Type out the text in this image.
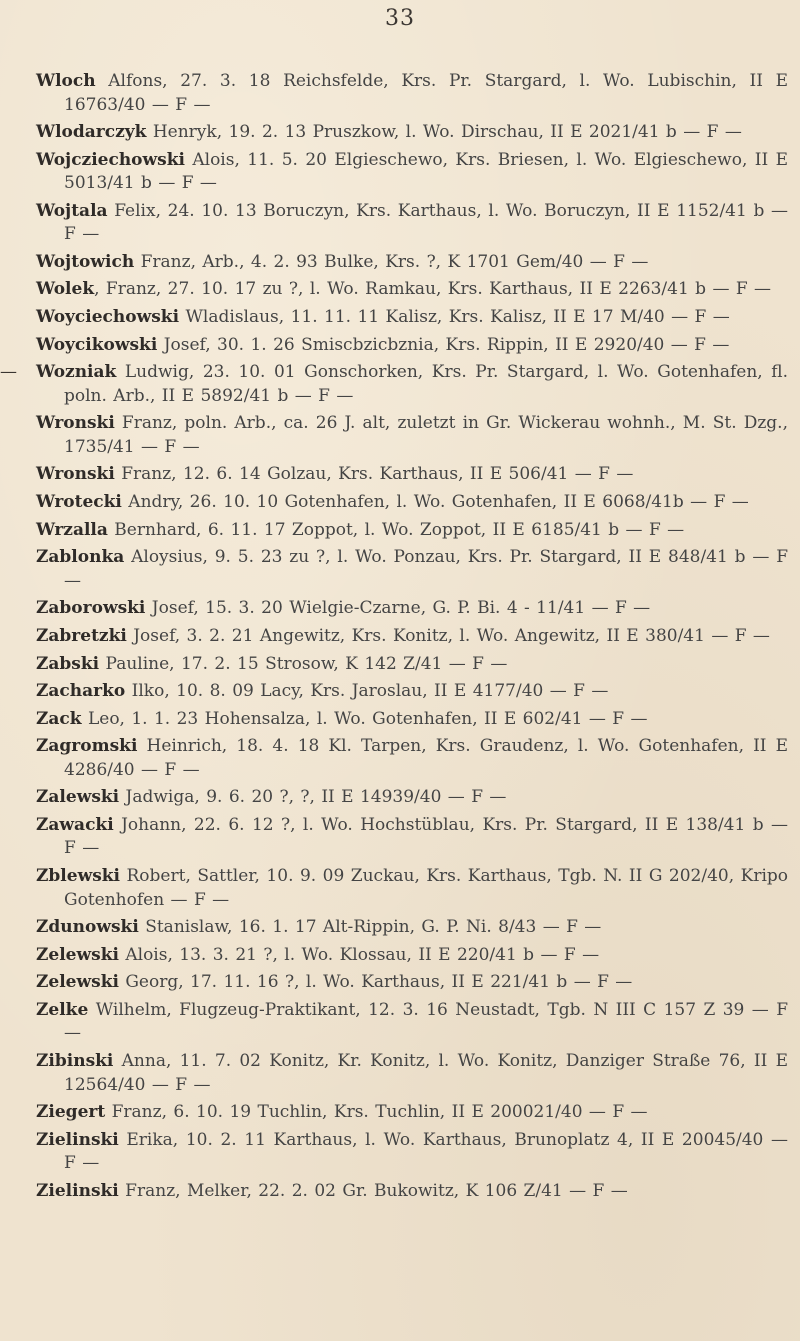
33
Wloch Alfons, 27. 3. 18 Reichsfelde, Krs. Pr. Stargard, l. Wo. Lubischin, II E 16763/40 — F —
Wlodarczyk Henryk, 19. 2. 13 Pruszkow, l. Wo. Dirschau, II E 2021/41 b — F —
Wojcziechowski Alois, 11. 5. 20 Elgieschewo, Krs. Briesen, l. Wo. Elgieschewo, II E 5013/41 b — F —
Wojtala Felix, 24. 10. 13 Boruczyn, Krs. Karthaus, l. Wo. Boruczyn, II E 1152/41 b — F —
Wojtowich Franz, Arb., 4. 2. 93 Bulke, Krs. ?, K 1701 Gem/40 — F —
Wolek, Franz, 27. 10. 17 zu ?, l. Wo. Ramkau, Krs. Karthaus, II E 2263/41 b — F —
Woyciechowski Wladislaus, 11. 11. 11 Kalisz, Krs. Kalisz, II E 17 M/40 — F —
Woycikowski Josef, 30. 1. 26 Smiscbzicbznia, Krs. Rippin, II E 2920/40 — F —
— Wozniak Ludwig, 23. 10. 01 Gonschorken, Krs. Pr. Stargard, l. Wo. Gotenhafen, fl. poln. Arb., II E 5892/41 b — F —
Wronski Franz, poln. Arb., ca. 26 J. alt, zuletzt in Gr. Wickerau wohnh., M. St. Dzg., 1735/41 — F —
Wronski Franz, 12. 6. 14 Golzau, Krs. Karthaus, II E 506/41 — F —
Wrotecki Andry, 26. 10. 10 Gotenhafen, l. Wo. Gotenhafen, II E 6068/41b — F —
Wrzalla Bernhard, 6. 11. 17 Zoppot, l. Wo. Zoppot, II E 6185/41 b — F —
Zablonka Aloysius, 9. 5. 23 zu ?, l. Wo. Ponzau, Krs. Pr. Stargard, II E 848/41 b — F —
Zaborowski Josef, 15. 3. 20 Wielgie-Czarne, G. P. Bi. 4 - 11/41 — F —
Zabretzki Josef, 3. 2. 21 Angewitz, Krs. Konitz, l. Wo. Angewitz, II E 380/41 — F —
Zabski Pauline, 17. 2. 15 Strosow, K 142 Z/41 — F —
Zacharko Ilko, 10. 8. 09 Lacy, Krs. Jaroslau, II E 4177/40 — F —
Zack Leo, 1. 1. 23 Hohensalza, l. Wo. Gotenhafen, II E 602/41 — F —
Zagromski Heinrich, 18. 4. 18 Kl. Tarpen, Krs. Graudenz, l. Wo. Gotenhafen, II E 4286/40 — F —
Zalewski Jadwiga, 9. 6. 20 ?, ?, II E 14939/40 — F —
Zawacki Johann, 22. 6. 12 ?, l. Wo. Hochstüblau, Krs. Pr. Stargard, II E 138/41 b — F —
Zblewski Robert, Sattler, 10. 9. 09 Zuckau, Krs. Karthaus, Tgb. N. II G 202/40, Kripo Gotenhofen — F —
Zdunowski Stanislaw, 16. 1. 17 Alt-Rippin, G. P. Ni. 8/43 — F —
Zelewski Alois, 13. 3. 21 ?, l. Wo. Klossau, II E 220/41 b — F —
Zelewski Georg, 17. 11. 16 ?, l. Wo. Karthaus, II E 221/41 b — F —
Zelke Wilhelm, Flugzeug-Praktikant, 12. 3. 16 Neustadt, Tgb. N III C 157 Z 39 — F —
Zibinski Anna, 11. 7. 02 Konitz, Kr. Konitz, l. Wo. Konitz, Danziger Straße 76, II E 12564/40 — F —
Ziegert Franz, 6. 10. 19 Tuchlin, Krs. Tuchlin, II E 200021/40 — F —
Zielinski Erika, 10. 2. 11 Karthaus, l. Wo. Karthaus, Brunoplatz 4, II E 20045/40 — F —
Zielinski Franz, Melker, 22. 2. 02 Gr. Bukowitz, K 106 Z/41 — F —
